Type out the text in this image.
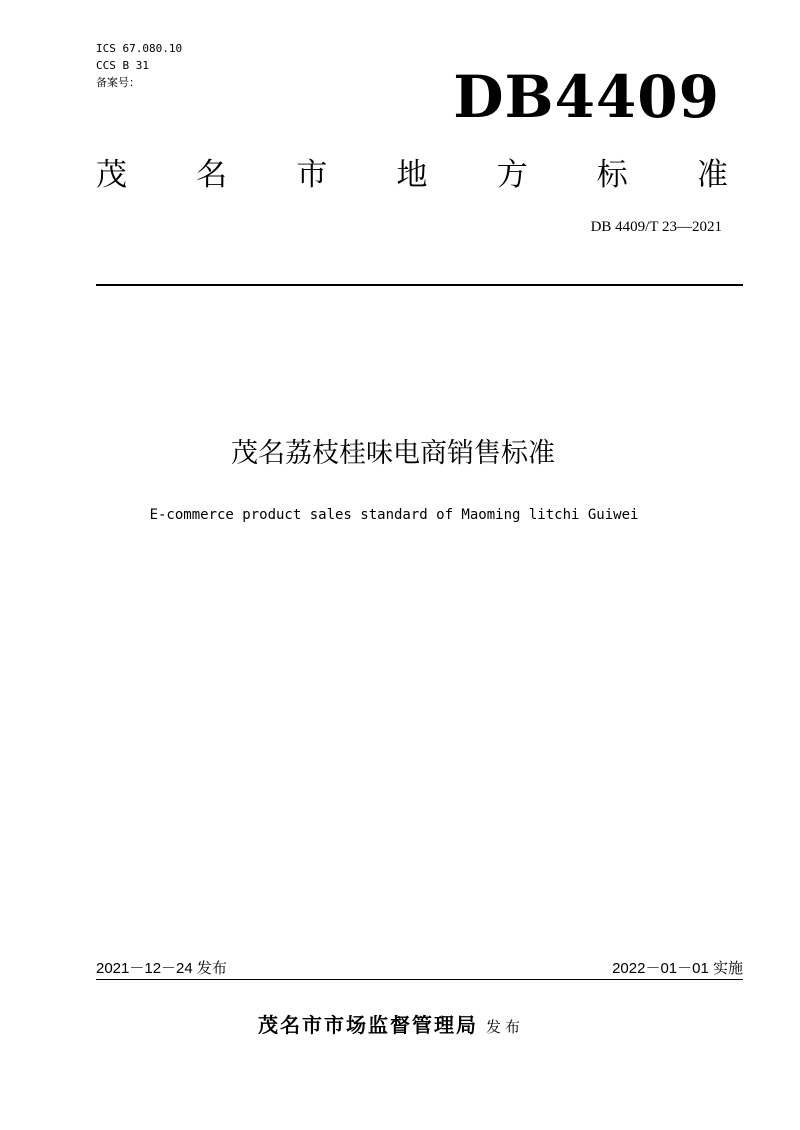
ICS 67.080.10
CCS B 31
备案号：	DB4409
茂 名 市 地 方 标 准
DB 4409/T 23—2021
茂名荔枝桂味电商销售标准
E-commerce product sales standard of Maoming litchi Guiwei
2021－12－24 发布	2022－01－01 实施
茂名市市场监督管理局 发布
